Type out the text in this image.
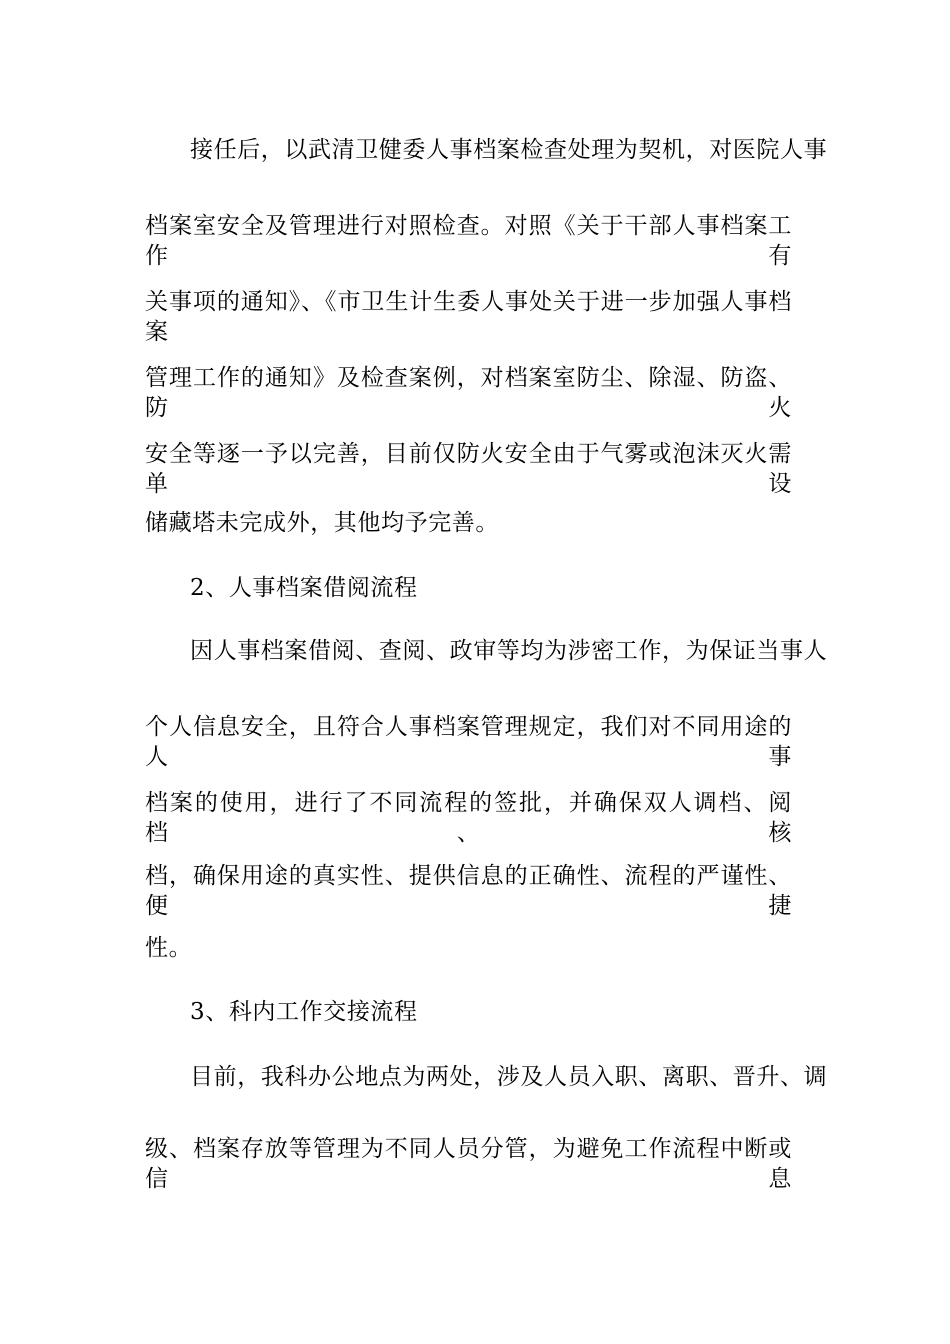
接任后，以武清卫健委人事档案检查处理为契机，对医院人事

档案室安全及管理进行对照检查。对照《关于干部人事档案工作有

关事项的通知》、《市卫生计生委人事处关于进一步加强人事档案

管理工作的通知》及检查案例，对档案室防尘、除湿、防盗、防火

安全等逐一予以完善，目前仅防火安全由于气雾或泡沫灭火需单设

储藏塔未完成外，其他均予完善。

2、人事档案借阅流程

因人事档案借阅、查阅、政审等均为涉密工作，为保证当事人

个人信息安全，且符合人事档案管理规定，我们对不同用途的人事

档案的使用，进行了不同流程的签批，并确保双人调档、阅档、核

档，确保用途的真实性、提供信息的正确性、流程的严谨性、便捷

性。

3、科内工作交接流程

目前，我科办公地点为两处，涉及人员入职、离职、晋升、调

级、档案存放等管理为不同人员分管，为避免工作流程中断或信息
